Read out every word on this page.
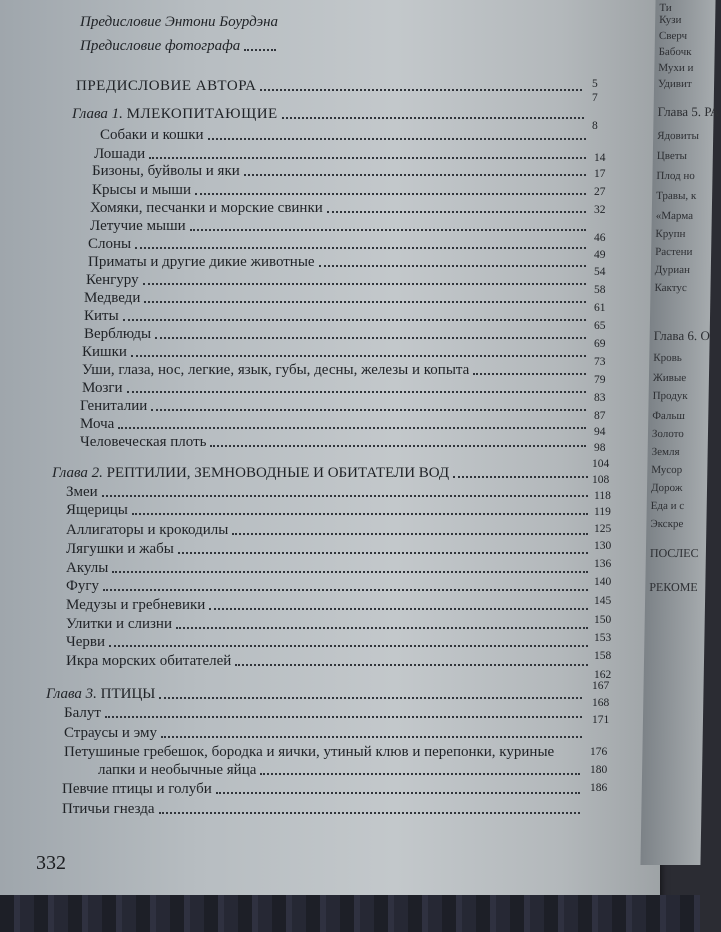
Предисловие Энтони Боурдэна
Предисловие фотографа
ПРЕДИСЛОВИЕ АВТОРА
Глава 1. МЛЕКОПИТАЮЩИЕ
Собаки и кошки
Лошади
Бизоны, буйволы и яки
Крысы и мыши
Хомяки, песчанки и морские свинки
Летучие мыши
Слоны
Приматы и другие дикие животные
Кенгуру
Медведи
Киты
Верблюды
Кишки
Уши, глаза, нос, легкие, язык, губы, десны, железы и копыта
Мозги
Гениталии
Моча
Человеческая плоть
Глава 2. РЕПТИЛИИ, ЗЕМНОВОДНЫЕ И ОБИТАТЕЛИ ВОД
Змеи
Ящерицы
Аллигаторы и крокодилы
Лягушки и жабы
Акулы
Фугу
Медузы и гребневики
Улитки и слизни
Черви
Икра морских обитателей
Глава 3. ПТИЦЫ
Балут
Страусы и эму
Петушиные гребешок, бородка и яички, утиный клюв и перепонки, куриные
лапки и необычные яйца
Певчие птицы и голуби
Птичьи гнезда
5
7
8
14
17
27
32
46
49
54
58
61
65
69
73
79
83
87
94
98
104
108
118
119
125
130
136
140
145
150
153
158
162
167
168
171
176
180
186
332
Ти
Кузи
Сверч
Бабочк
Мухи и
Удивит
Глава 5. РА
Ядовиты
Цветы
Плод но
Травы, к
«Марма
Крупн
Растени
Дуриан
Кактус
Глава 6. О
Кровь
Живые
Продук
Фальш
Золото
Земля
Мусор
Дорож
Еда и с
Экскре
ПОСЛЕС
РЕКОМЕ
